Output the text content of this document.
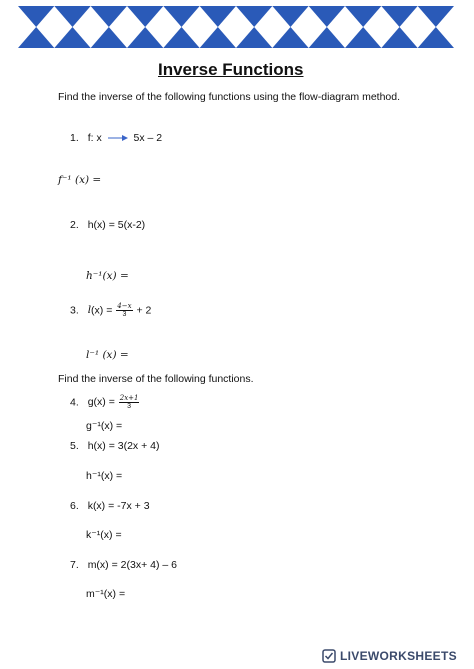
Inverse Functions
Find the inverse of the following functions using the flow-diagram method.
1. f: x	5x – 2
𝑓⁻¹ (x) =
2. h(x) = 5(x-2)
ℎ⁻¹(x) =
3. 𝑙(x) = $\frac{\text{4−𝑥}}{3} + 2$
𝑙⁻¹ (x) =
Find the inverse of the following functions.
4. $g(x) = \frac{\text{2𝑥+1}}{3}$
g⁻¹(x) =
5. h(x) = 3(2x + 4)
h⁻¹(x) =
6. k(x) = -7x + 3
k⁻¹(x) =
7. m(x) = 2(3x+ 4) – 6
m⁻¹(x) =
LIVEWORKSHEETS
